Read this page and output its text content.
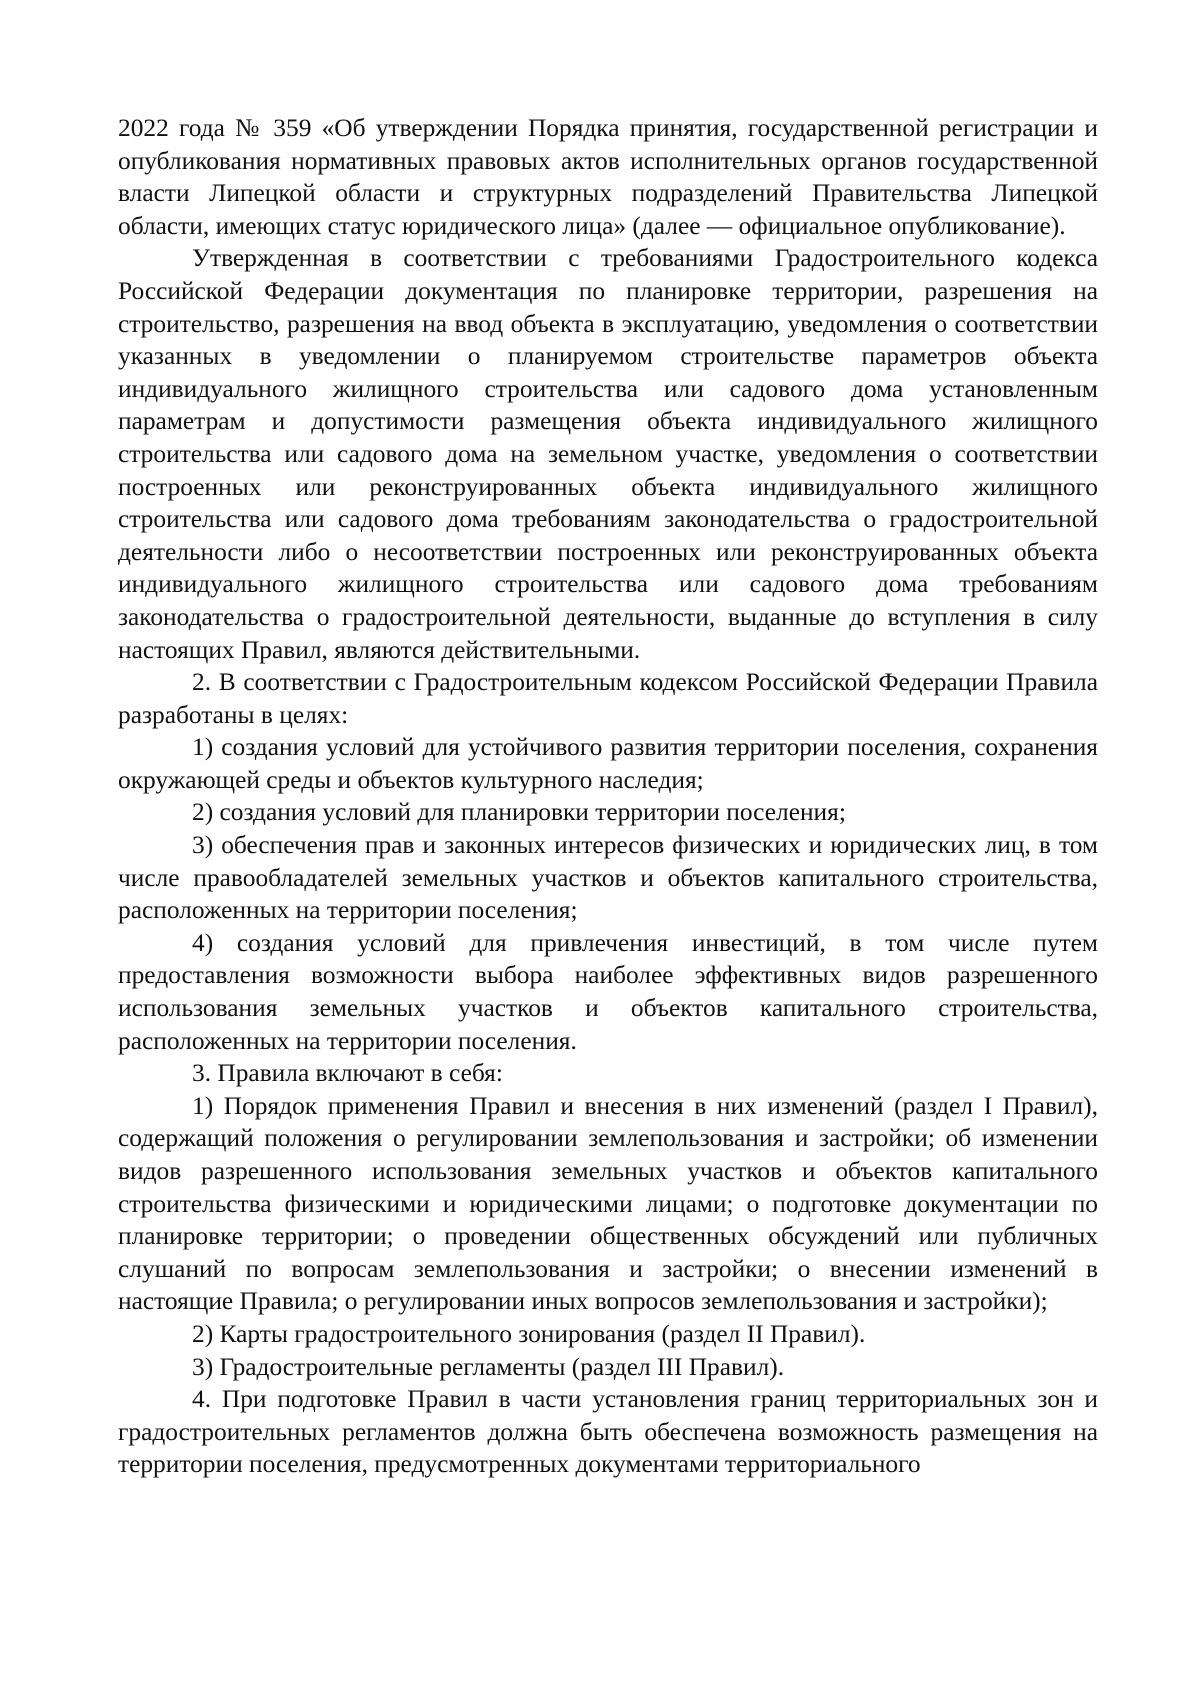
2022 года № 359 «Об утверждении Порядка принятия, государственной регистрации и опубликования нормативных правовых актов исполнительных органов государственной власти Липецкой области и структурных подразделений Правительства Липецкой области, имеющих статус юридического лица» (далее — официальное опубликование).

Утвержденная в соответствии с требованиями Градостроительного кодекса Российской Федерации документация по планировке территории, разрешения на строительство, разрешения на ввод объекта в эксплуатацию, уведомления о соответствии указанных в уведомлении о планируемом строительстве параметров объекта индивидуального жилищного строительства или садового дома установленным параметрам и допустимости размещения объекта индивидуального жилищного строительства или садового дома на земельном участке, уведомления о соответствии построенных или реконструированных объекта индивидуального жилищного строительства или садового дома требованиям законодательства о градостроительной деятельности либо о несоответствии построенных или реконструированных объекта индивидуального жилищного строительства или садового дома требованиям законодательства о градостроительной деятельности, выданные до вступления в силу настоящих Правил, являются действительными.

2. В соответствии с Градостроительным кодексом Российской Федерации Правила разработаны в целях:

1) создания условий для устойчивого развития территории поселения, сохранения окружающей среды и объектов культурного наследия;

2) создания условий для планировки территории поселения;

3) обеспечения прав и законных интересов физических и юридических лиц, в том числе правообладателей земельных участков и объектов капитального строительства, расположенных на территории поселения;

4) создания условий для привлечения инвестиций, в том числе путем предоставления возможности выбора наиболее эффективных видов разрешенного использования земельных участков и объектов капитального строительства, расположенных на территории поселения.

3. Правила включают в себя:

1) Порядок применения Правил и внесения в них изменений (раздел I Правил), содержащий положения о регулировании землепользования и застройки; об изменении видов разрешенного использования земельных участков и объектов капитального строительства физическими и юридическими лицами; о подготовке документации по планировке территории; о проведении общественных обсуждений или публичных слушаний по вопросам землепользования и застройки; о внесении изменений в настоящие Правила; о регулировании иных вопросов землепользования и застройки);

2) Карты градостроительного зонирования (раздел II Правил).

3) Градостроительные регламенты (раздел III Правил).

4. При подготовке Правил в части установления границ территориальных зон и градостроительных регламентов должна быть обеспечена возможность размещения на территории поселения, предусмотренных документами территориального
